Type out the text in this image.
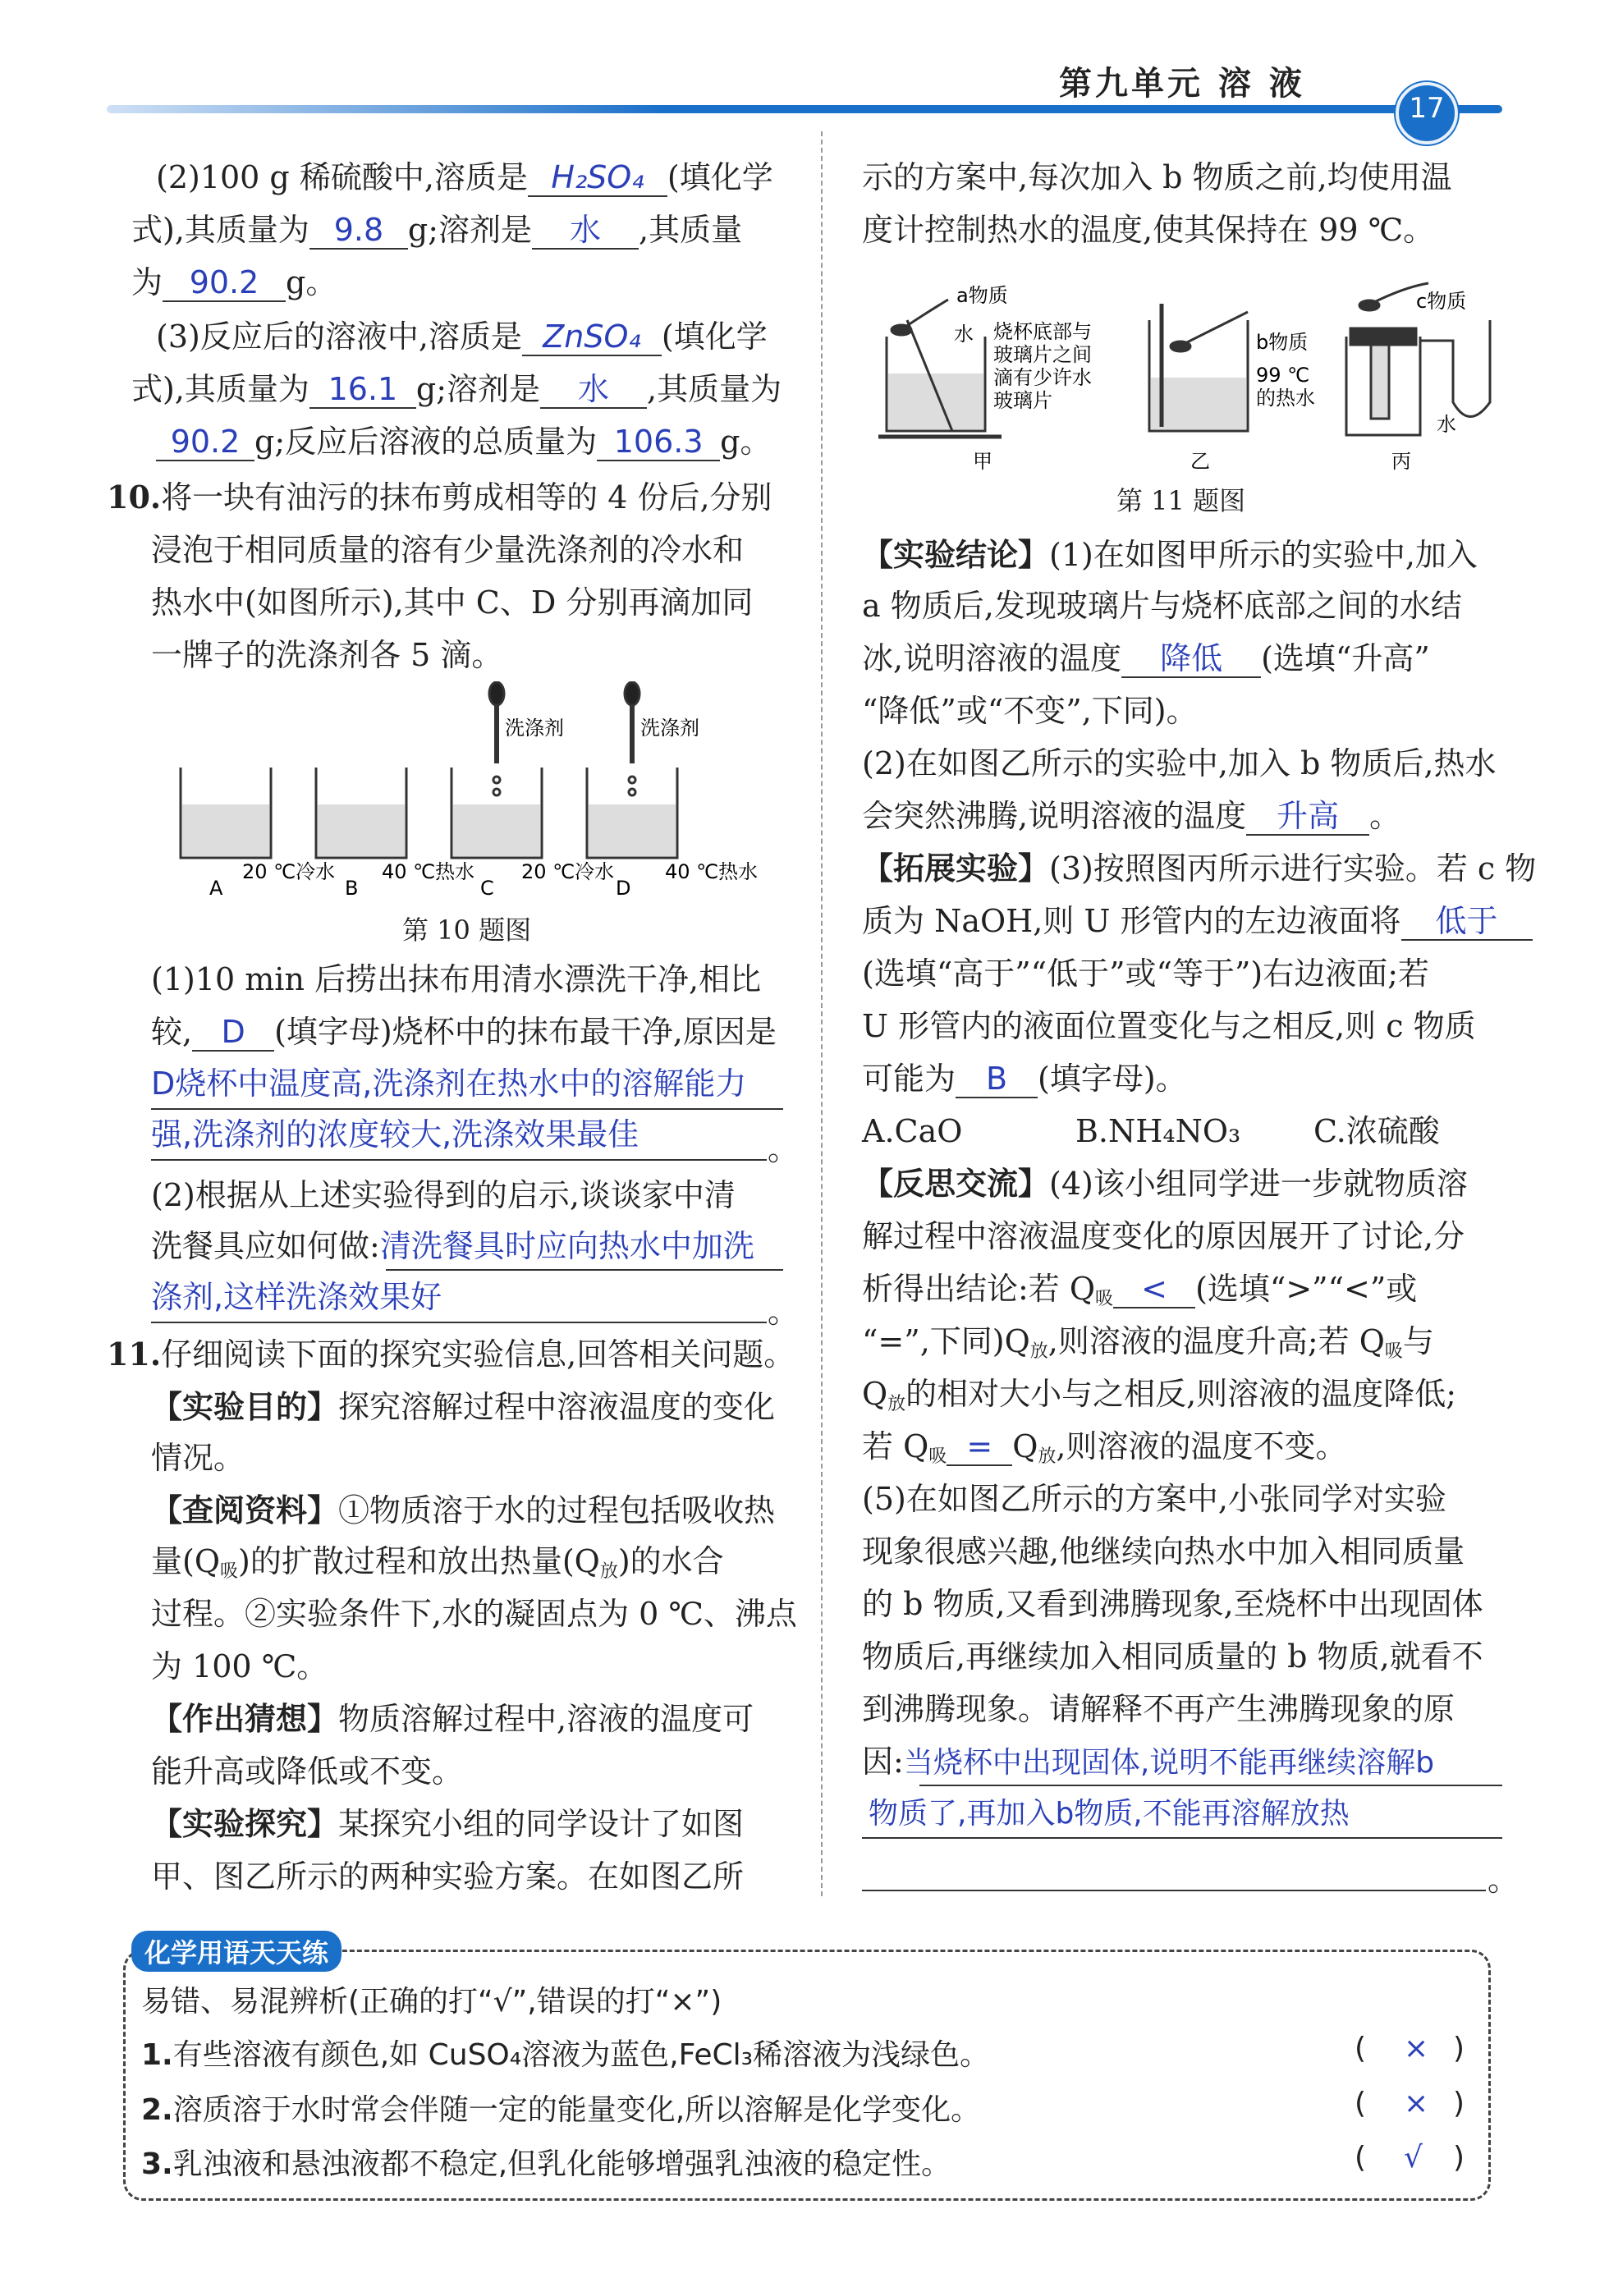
第九单元 溶 液
17
(2)100 g 稀硫酸中,溶质是 H₂SO₄ (填化学
式),其质量为 9.8 g;溶剂是 水 ,其质量
为 90.2 g。
(3)反应后的溶液中,溶质是 ZnSO₄ (填化学
式),其质量为 16.1 g;溶剂是 水 ,其质量为
90.2 g;反应后溶液的总质量为 106.3 g。
10.将一块有油污的抹布剪成相等的 4 份后,分别
浸泡于相同质量的溶有少量洗涤剂的冷水和
热水中(如图所示),其中 C、D 分别再滴加同
一牌子的洗涤剂各 5 滴。
洗涤剂	洗涤剂
A	B	C	D
20 ℃冷水 40 ℃热水 20 ℃冷水	40 ℃热水
第 10 题图
(1)10 min 后捞出抹布用清水漂洗干净,相比
较, D (填字母)烧杯中的抹布最干净,原因是
D烧杯中温度高,洗涤剂在热水中的溶解能力
强,洗涤剂的浓度较大,洗涤效果最佳	。
(2)根据从上述实验得到的启示,谈谈家中清
洗餐具应如何做:清洗餐具时应向热水中加洗
涤剂,这样洗涤效果好	。
11.仔细阅读下面的探究实验信息,回答相关问题。
【实验目的】探究溶解过程中溶液温度的变化
情况。
【查阅资料】①物质溶于水的过程包括吸收热
量$(Q_吸)$的扩散过程和放出热量$(Q_放)$的水合
过程。②实验条件下,水的凝固点为 0 ℃、沸点
为 100 ℃。
【作出猜想】物质溶解过程中,溶液的温度可
能升高或降低或不变。
【实验探究】某探究小组的同学设计了如图
甲、图乙所示的两种实验方案。在如图乙所
示的方案中,每次加入 b 物质之前,均使用温
度计控制热水的温度,使其保持在 99 ℃。
a物质
水 烧杯底部与
玻璃片之间
滴有少许水
玻璃片
b物质
99 ℃
的热水
c物质
水
甲	乙	丙
第 11 题图
【实验结论】(1)在如图甲所示的实验中,加入
a 物质后,发现玻璃片与烧杯底部之间的水结
冰,说明溶液的温度 降低 (选填“升高”
“降低”或“不变”,下同)。
(2)在如图乙所示的实验中,加入 b 物质后,热水
会突然沸腾,说明溶液的温度 升高 。
【拓展实验】(3)按照图丙所示进行实验。若 c 物
质为 NaOH,则 U 形管内的左边液面将 低于
(选填“高于”“低于”或“等于”)右边液面;若
U 形管内的液面位置变化与之相反,则 c 物质
可能为 B (填字母)。
A.CaO	B.NH₄NO₃ C.浓硫酸
【反思交流】(4)该小组同学进一步就物质溶
解过程中溶液温度变化的原因展开了讨论,分
析得出结论:若 $Q_吸$ < (选填“>”“<”或
“=”,下同)$Q_放$,则溶液的温度升高;若 $Q_吸$与
$Q_放$的相对大小与之相反,则溶液的温度降低;
若 $Q_吸 = Q_放$,则溶液的温度不变。
(5)在如图乙所示的方案中,小张同学对实验
现象很感兴趣,他继续向热水中加入相同质量
的 b 物质,又看到沸腾现象,至烧杯中出现固体
物质后,再继续加入相同质量的 b 物质,就看不
到沸腾现象。请解释不再产生沸腾现象的原
因:当烧杯中出现固体,说明不能再继续溶解b
物质了,再加入b物质,不能再溶解放热
。
化学用语天天练
易错、易混辨析(正确的打“√”,错误的打“×”)
1.有些溶液有颜色,如 CuSO₄溶液为蓝色,FeCl₃稀溶液为浅绿色。	( × )
2.溶质溶于水时常会伴随一定的能量变化,所以溶解是化学变化。	( × )
3.乳浊液和悬浊液都不稳定,但乳化能够增强乳浊液的稳定性。	( √ )
